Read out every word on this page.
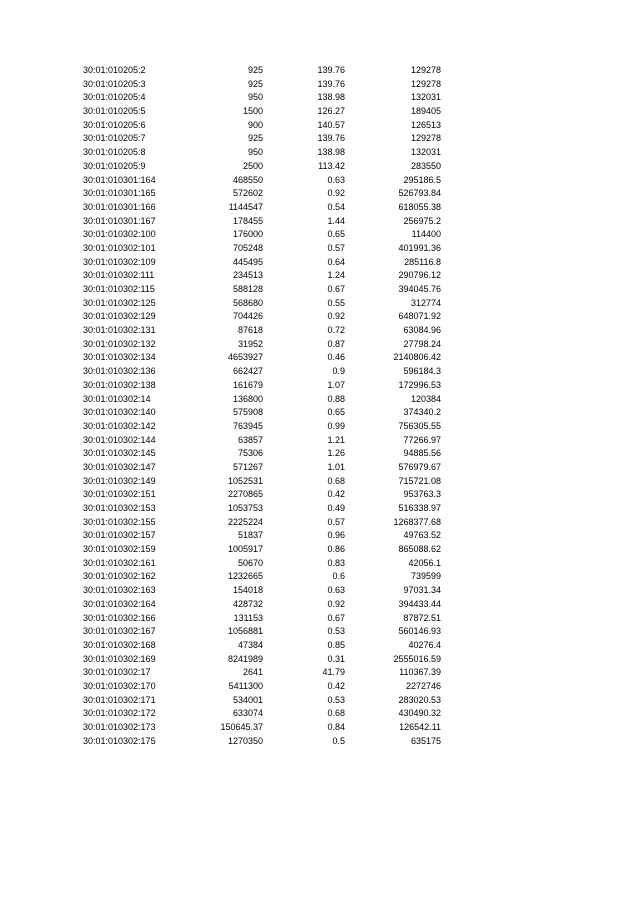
30:01:010205:2	925	139.76	129278
30:01:010205:3	925	139.76	129278
30:01:010205:4	950	138.98	132031
30:01:010205:5	1500	126.27	189405
30:01:010205:6	900	140.57	126513
30:01:010205:7	925	139.76	129278
30:01:010205:8	950	138.98	132031
30:01:010205:9	2500	113.42	283550
30:01:010301:164	468550	0.63	295186.5
30:01:010301:165	572602	0.92	526793.84
30:01:010301:166	1144547	0.54	618055.38
30:01:010301:167	178455	1.44	256975.2
30:01:010302:100	176000	0.65	114400
30:01:010302:101	705248	0.57	401991.36
30:01:010302:109	445495	0.64	285116.8
30:01:010302:111	234513	1.24	290796.12
30:01:010302:115	588128	0.67	394045.76
30:01:010302:125	568680	0.55	312774
30:01:010302:129	704426	0.92	648071.92
30:01:010302:131	87618	0.72	63084.96
30:01:010302:132	31952	0.87	27798.24
30:01:010302:134	4653927	0.46	2140806.42
30:01:010302:136	662427	0.9	596184.3
30:01:010302:138	161679	1.07	172996.53
30:01:010302:14	136800	0.88	120384
30:01:010302:140	575908	0.65	374340.2
30:01:010302:142	763945	0.99	756305.55
30:01:010302:144	63857	1.21	77266.97
30:01:010302:145	75306	1.26	94885.56
30:01:010302:147	571267	1.01	576979.67
30:01:010302:149	1052531	0.68	715721.08
30:01:010302:151	2270865	0.42	953763.3
30:01:010302:153	1053753	0.49	516338.97
30:01:010302:155	2225224	0.57	1268377.68
30:01:010302:157	51837	0.96	49763.52
30:01:010302:159	1005917	0.86	865088.62
30:01:010302:161	50670	0.83	42056.1
30:01:010302:162	1232665	0.6	739599
30:01:010302:163	154018	0.63	97031.34
30:01:010302:164	428732	0.92	394433.44
30:01:010302:166	131153	0.67	87872.51
30:01:010302:167	1056881	0.53	560146.93
30:01:010302:168	47384	0.85	40276.4
30:01:010302:169	8241989	0.31	2555016.59
30:01:010302:17	2641	41.79	110367.39
30:01:010302:170	5411300	0.42	2272746
30:01:010302:171	534001	0.53	283020.53
30:01:010302:172	633074	0.68	430490.32
30:01:010302:173	150645.37	0.84	126542.11
30:01:010302:175	1270350	0.5	635175
